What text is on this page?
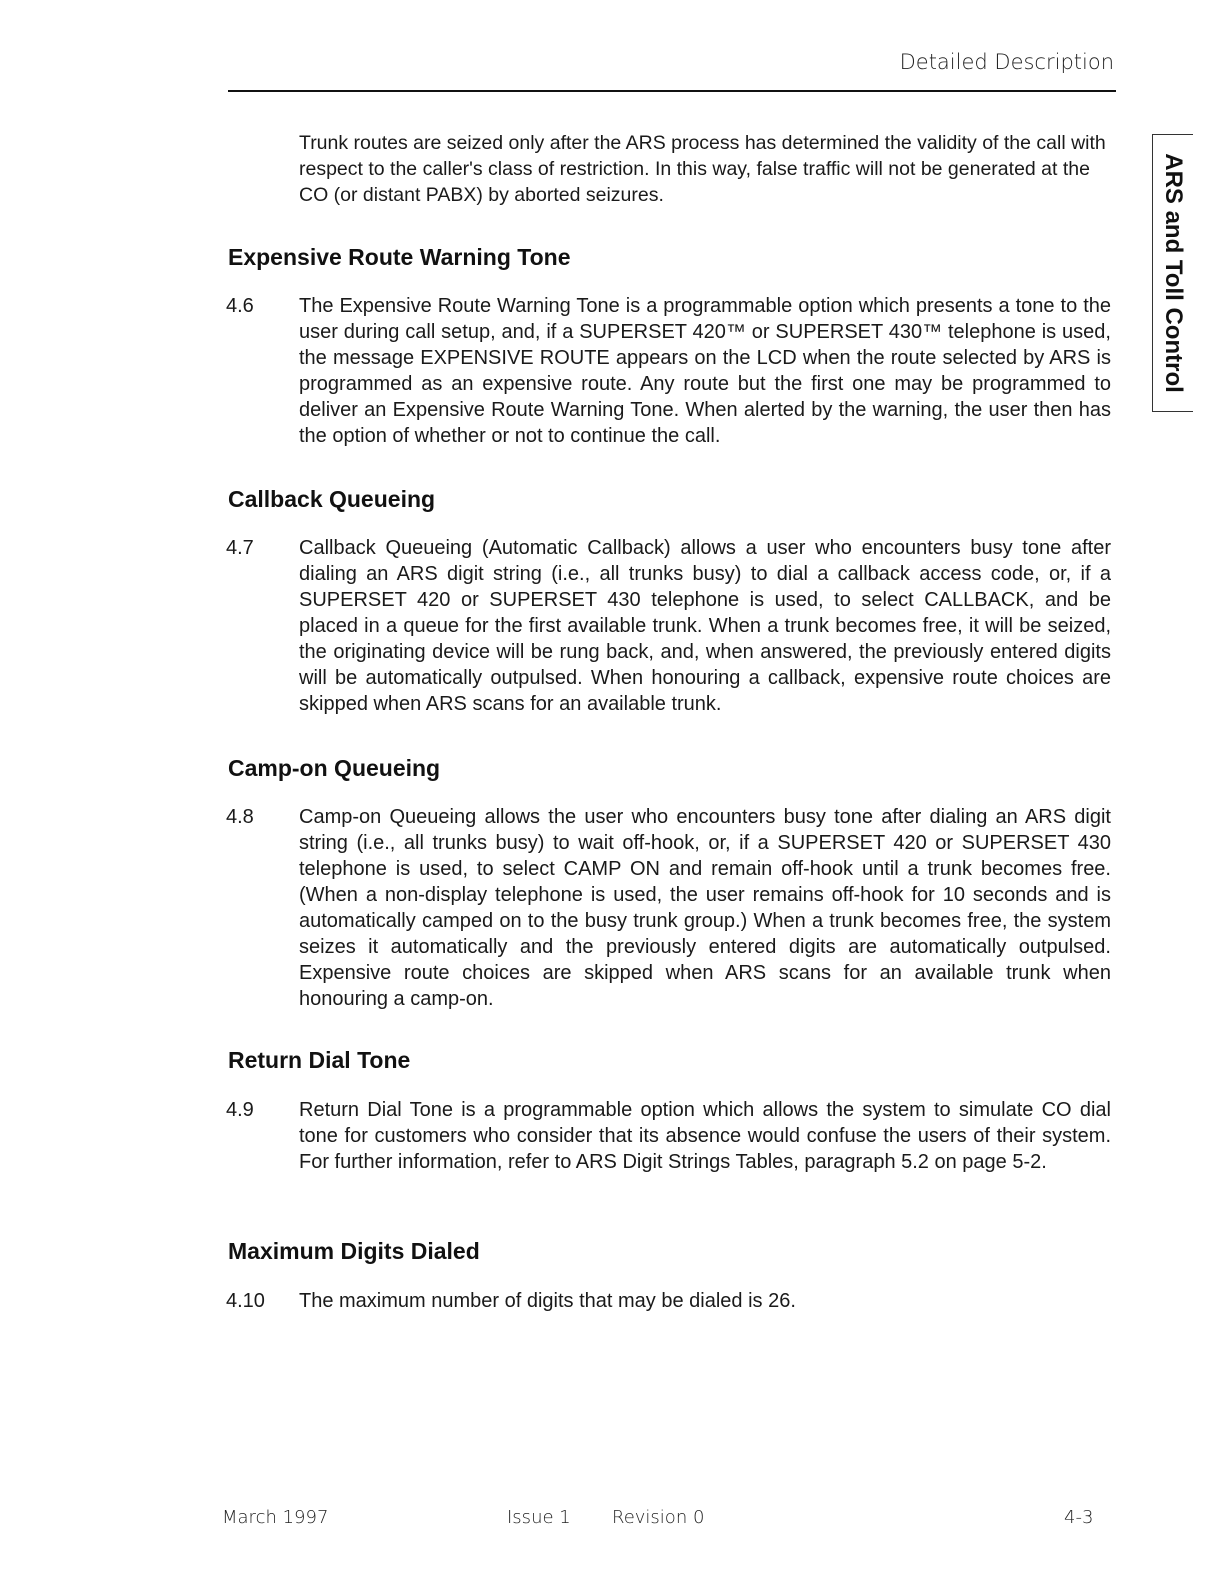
Detailed Description
ARS and Toll Control

Trunk routes are seized only after the ARS process has determined the validity of the call with respect to the caller's class of restriction. In this way, false traffic will not be generated at the CO (or distant PABX) by aborted seizures.

Expensive Route Warning Tone
4.6 The Expensive Route Warning Tone is a programmable option which presents a tone to the user during call setup, and, if a SUPERSET 420™ or SUPERSET 430™ telephone is used, the message EXPENSIVE ROUTE appears on the LCD when the route selected by ARS is programmed as an expensive route. Any route but the first one may be programmed to deliver an Expensive Route Warning Tone. When alerted by the warning, the user then has the option of whether or not to continue the call.

Callback Queueing
4.7 Callback Queueing (Automatic Callback) allows a user who encounters busy tone after dialing an ARS digit string (i.e., all trunks busy) to dial a callback access code, or, if a SUPERSET 420 or SUPERSET 430 telephone is used, to select CALLBACK, and be placed in a queue for the first available trunk. When a trunk becomes free, it will be seized, the originating device will be rung back, and, when answered, the previously entered digits will be automatically outpulsed. When honouring a callback, expensive route choices are skipped when ARS scans for an available trunk.

Camp-on Queueing
4.8 Camp-on Queueing allows the user who encounters busy tone after dialing an ARS digit string (i.e., all trunks busy) to wait off-hook, or, if a SUPERSET 420 or SUPERSET 430 telephone is used, to select CAMP ON and remain off-hook until a trunk becomes free. (When a non-display telephone is used, the user remains off-hook for 10 seconds and is automatically camped on to the busy trunk group.) When a trunk becomes free, the system seizes it automatically and the previously entered digits are automatically outpulsed. Expensive route choices are skipped when ARS scans for an available trunk when honouring a camp-on.

Return Dial Tone
4.9 Return Dial Tone is a programmable option which allows the system to simulate CO dial tone for customers who consider that its absence would confuse the users of their system. For further information, refer to ARS Digit Strings Tables, paragraph 5.2 on page 5-2.

Maximum Digits Dialed
4.10 The maximum number of digits that may be dialed is 26.

March 1997	Issue 1 Revision 0	4-3
